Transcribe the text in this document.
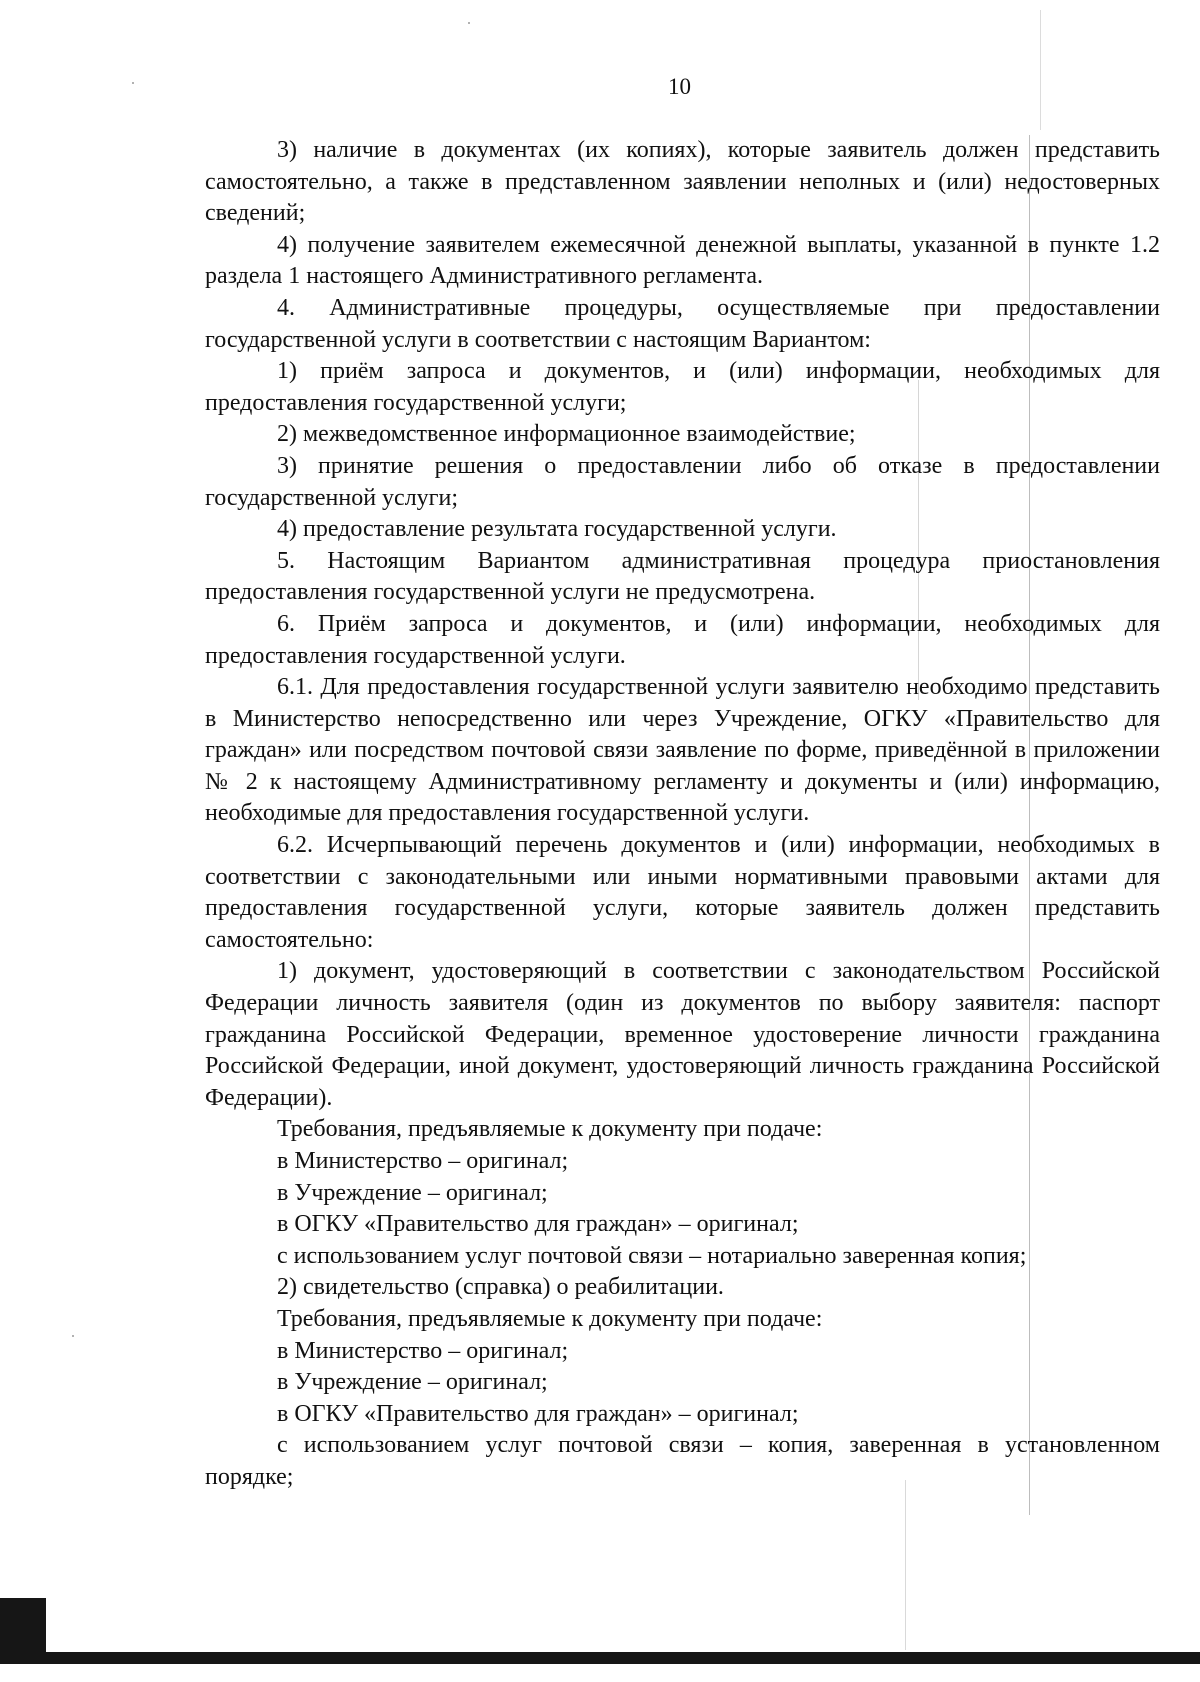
10

3) наличие в документах (их копиях), которые заявитель должен представить самостоятельно, а также в представленном заявлении неполных и (или) недостоверных сведений;

4) получение заявителем ежемесячной денежной выплаты, указанной в пункте 1.2 раздела 1 настоящего Административного регламента.

4. Административные процедуры, осуществляемые при предоставлении государственной услуги в соответствии с настоящим Вариантом:

1) приём запроса и документов, и (или) информации, необходимых для предоставления государственной услуги;

2) межведомственное информационное взаимодействие;

3) принятие решения о предоставлении либо об отказе в предоставлении государственной услуги;

4) предоставление результата государственной услуги.

5. Настоящим Вариантом административная процедура приостановления предоставления государственной услуги не предусмотрена.

6. Приём запроса и документов, и (или) информации, необходимых для предоставления государственной услуги.

6.1. Для предоставления государственной услуги заявителю необходимо представить в Министерство непосредственно или через Учреждение, ОГКУ «Правительство для граждан» или посредством почтовой связи заявление по форме, приведённой в приложении № 2 к настоящему Административному регламенту и документы и (или) информацию, необходимые для предоставления государственной услуги.

6.2. Исчерпывающий перечень документов и (или) информации, необходимых в соответствии с законодательными или иными нормативными правовыми актами для предоставления государственной услуги, которые заявитель должен представить самостоятельно:

1) документ, удостоверяющий в соответствии с законодательством Российской Федерации личность заявителя (один из документов по выбору заявителя: паспорт гражданина Российской Федерации, временное удостоверение личности гражданина Российской Федерации, иной документ, удостоверяющий личность гражданина Российской Федерации).

Требования, предъявляемые к документу при подаче:

в Министерство – оригинал;

в Учреждение – оригинал;

в ОГКУ «Правительство для граждан» – оригинал;

с использованием услуг почтовой связи – нотариально заверенная копия;

2) свидетельство (справка) о реабилитации.

Требования, предъявляемые к документу при подаче:

в Министерство – оригинал;

в Учреждение – оригинал;

в ОГКУ «Правительство для граждан» – оригинал;

с использованием услуг почтовой связи – копия, заверенная в установленном порядке;
